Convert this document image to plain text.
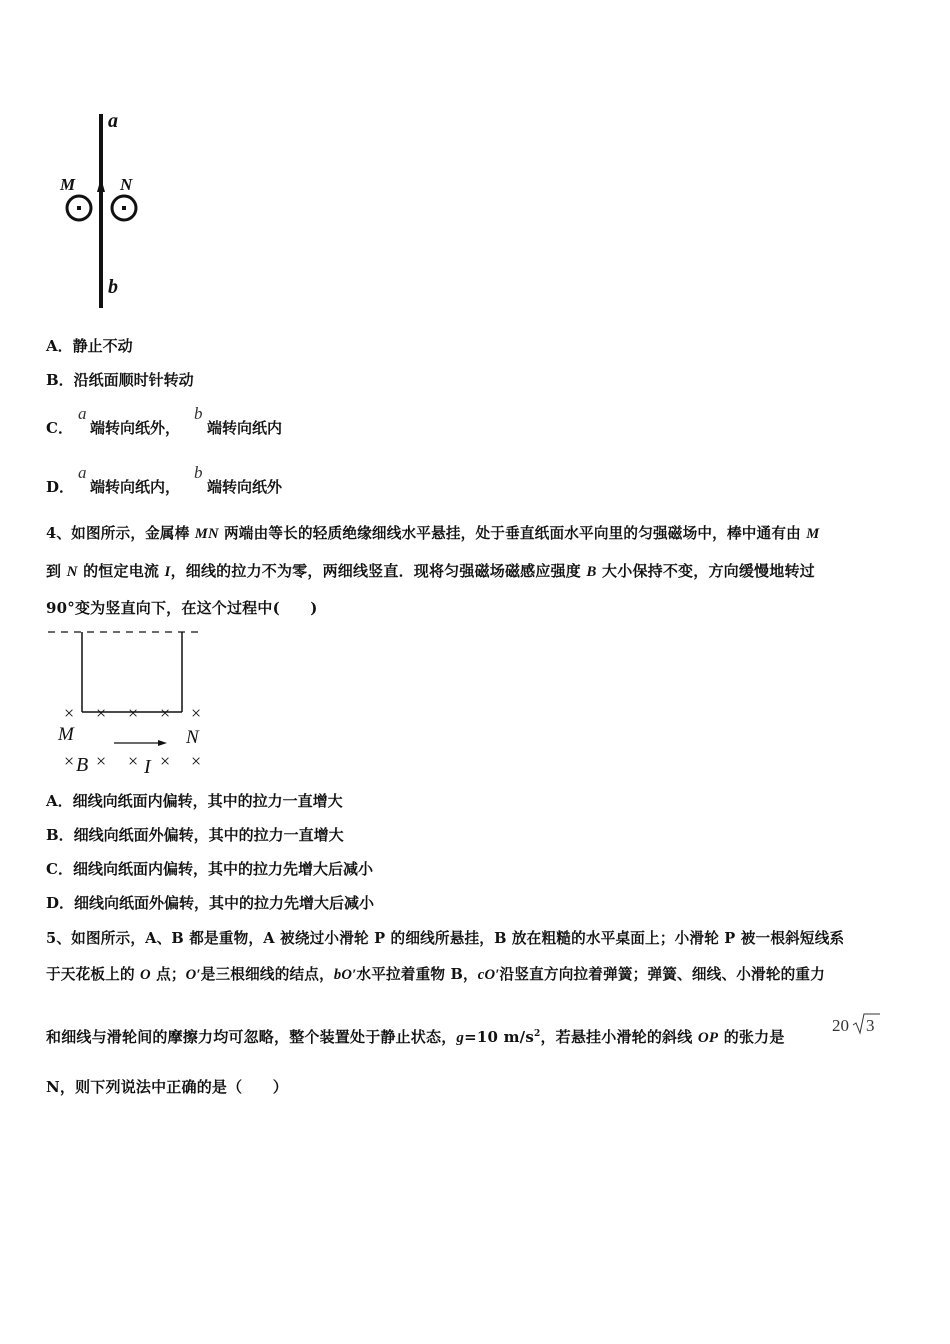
a
b
M	N
A．静止不动
B．沿纸面顺时针转动
C．
a
端转向纸外，
b
端转向纸内
D．
a
端转向纸内，
b
端转向纸外
4、如图所示，金属棒 MN 两端由等长的轻质绝缘细线水平悬挂，处于垂直纸面水平向里的匀强磁场中，棒中通有由 M
到 N 的恒定电流 I，细线的拉力不为零，两细线竖直．现将匀强磁场磁感应强度 B 大小保持不变，方向缓慢地转过
90°变为竖直向下，在这个过程中(　　)
× × × × ×
M	N
× B × × I × ×
A．细线向纸面内偏转，其中的拉力一直增大
B．细线向纸面外偏转，其中的拉力一直增大
C．细线向纸面内偏转，其中的拉力先增大后减小
D．细线向纸面外偏转，其中的拉力先增大后减小
5、如图所示，A、B 都是重物，A 被绕过小滑轮 P 的细线所悬挂，B 放在粗糙的水平桌面上；小滑轮 P 被一根斜短线系
于天花板上的 O 点；O′是三根细线的结点，bO′水平拉着重物 B，cO′沿竖直方向拉着弹簧；弹簧、细线、小滑轮的重力
和细线与滑轮间的摩擦力均可忽略，整个装置处于静止状态，g=10 $m/s^2$，若悬挂小滑轮的斜线 OP 的张力是
20 3
N，则下列说法中正确的是（　　）
